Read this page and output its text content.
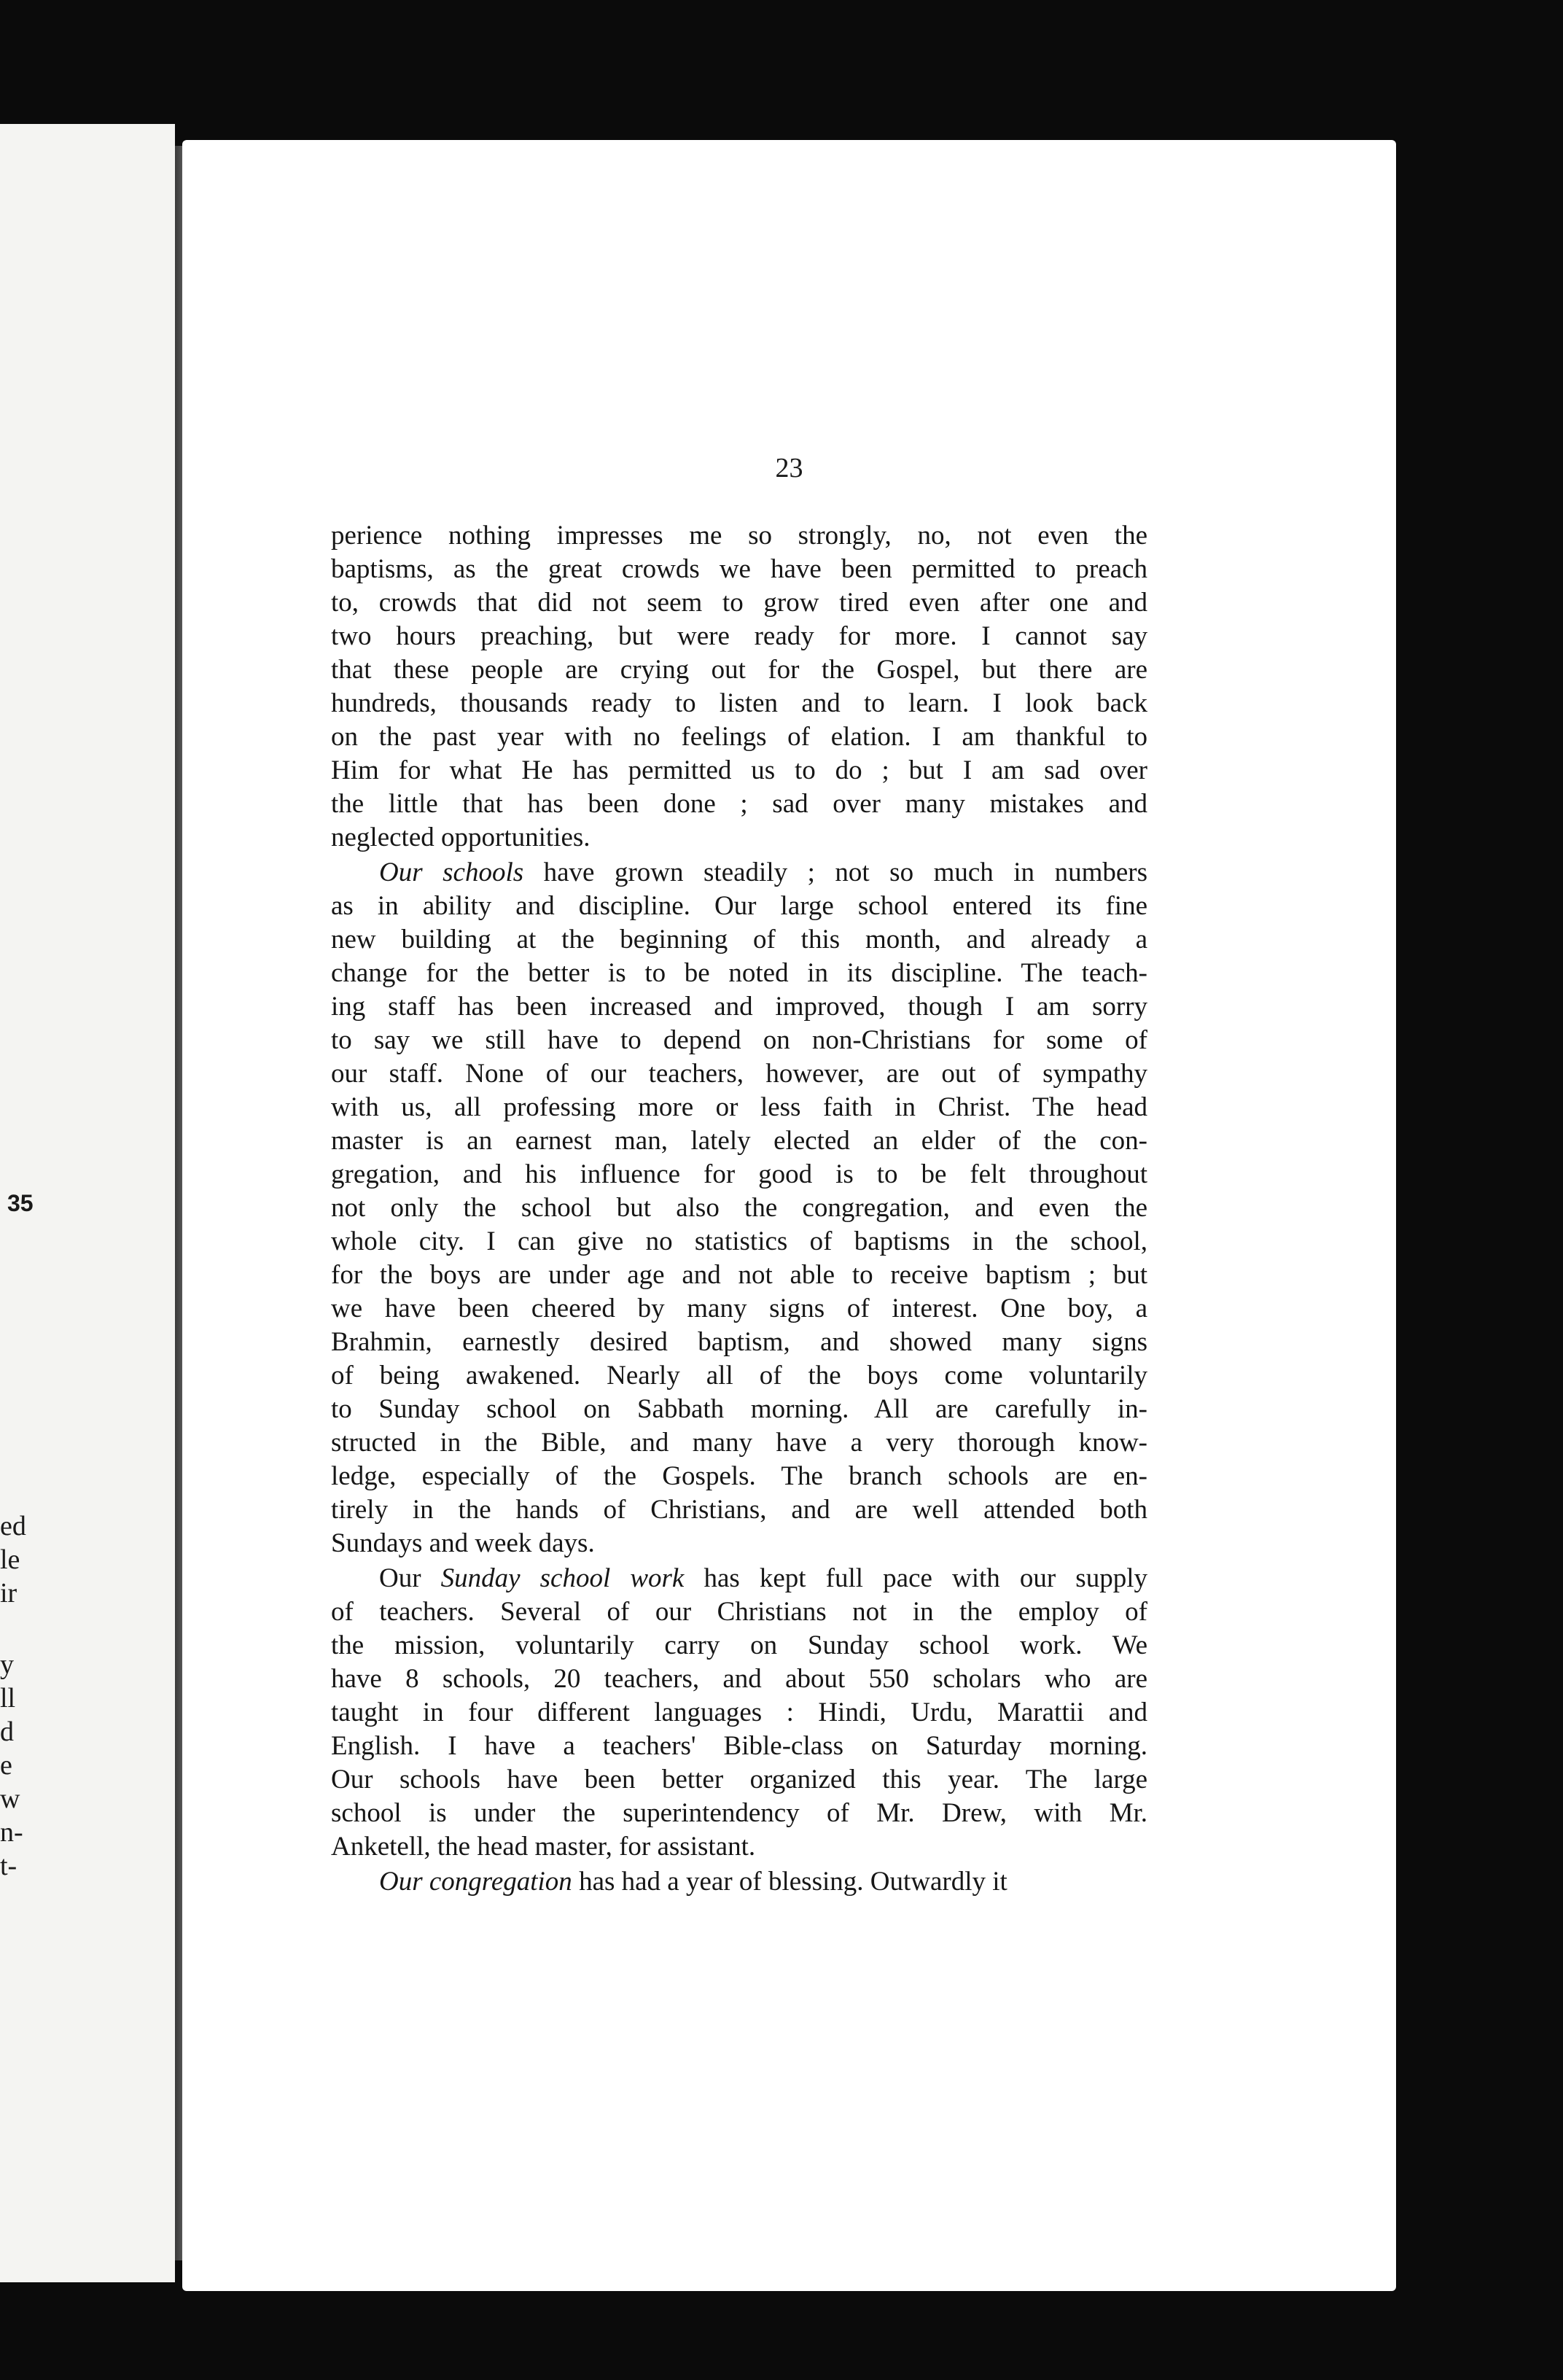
35
ed
le
ir
y
ll
d
e
w
n-
t-
23
perience nothing impresses me so strongly, no, not even the
baptisms, as the great crowds we have been permitted to preach
to, crowds that did not seem to grow tired even after one and
two hours preaching, but were ready for more. I cannot say
that these people are crying out for the Gospel, but there are
hundreds, thousands ready to listen and to learn. I look back
on the past year with no feelings of elation. I am thankful to
Him for what He has permitted us to do ; but I am sad over
the little that has been done ; sad over many mistakes and
neglected opportunities.
Our schools have grown steadily ; not so much in numbers
as in ability and discipline. Our large school entered its fine
new building at the beginning of this month, and already a
change for the better is to be noted in its discipline. The teach-
ing staff has been increased and improved, though I am sorry
to say we still have to depend on non-Christians for some of
our staff. None of our teachers, however, are out of sympathy
with us, all professing more or less faith in Christ. The head
master is an earnest man, lately elected an elder of the con-
gregation, and his influence for good is to be felt throughout
not only the school but also the congregation, and even the
whole city. I can give no statistics of baptisms in the school,
for the boys are under age and not able to receive baptism ; but
we have been cheered by many signs of interest. One boy, a
Brahmin, earnestly desired baptism, and showed many signs
of being awakened. Nearly all of the boys come voluntarily
to Sunday school on Sabbath morning. All are carefully in-
structed in the Bible, and many have a very thorough know-
ledge, especially of the Gospels. The branch schools are en-
tirely in the hands of Christians, and are well attended both
Sundays and week days.
Our Sunday school work has kept full pace with our supply
of teachers. Several of our Christians not in the employ of
the mission, voluntarily carry on Sunday school work. We
have 8 schools, 20 teachers, and about 550 scholars who are
taught in four different languages : Hindi, Urdu, Marattii and
English. I have a teachers' Bible-class on Saturday morning.
Our schools have been better organized this year. The large
school is under the superintendency of Mr. Drew, with Mr.
Anketell, the head master, for assistant.
Our congregation has had a year of blessing. Outwardly it
